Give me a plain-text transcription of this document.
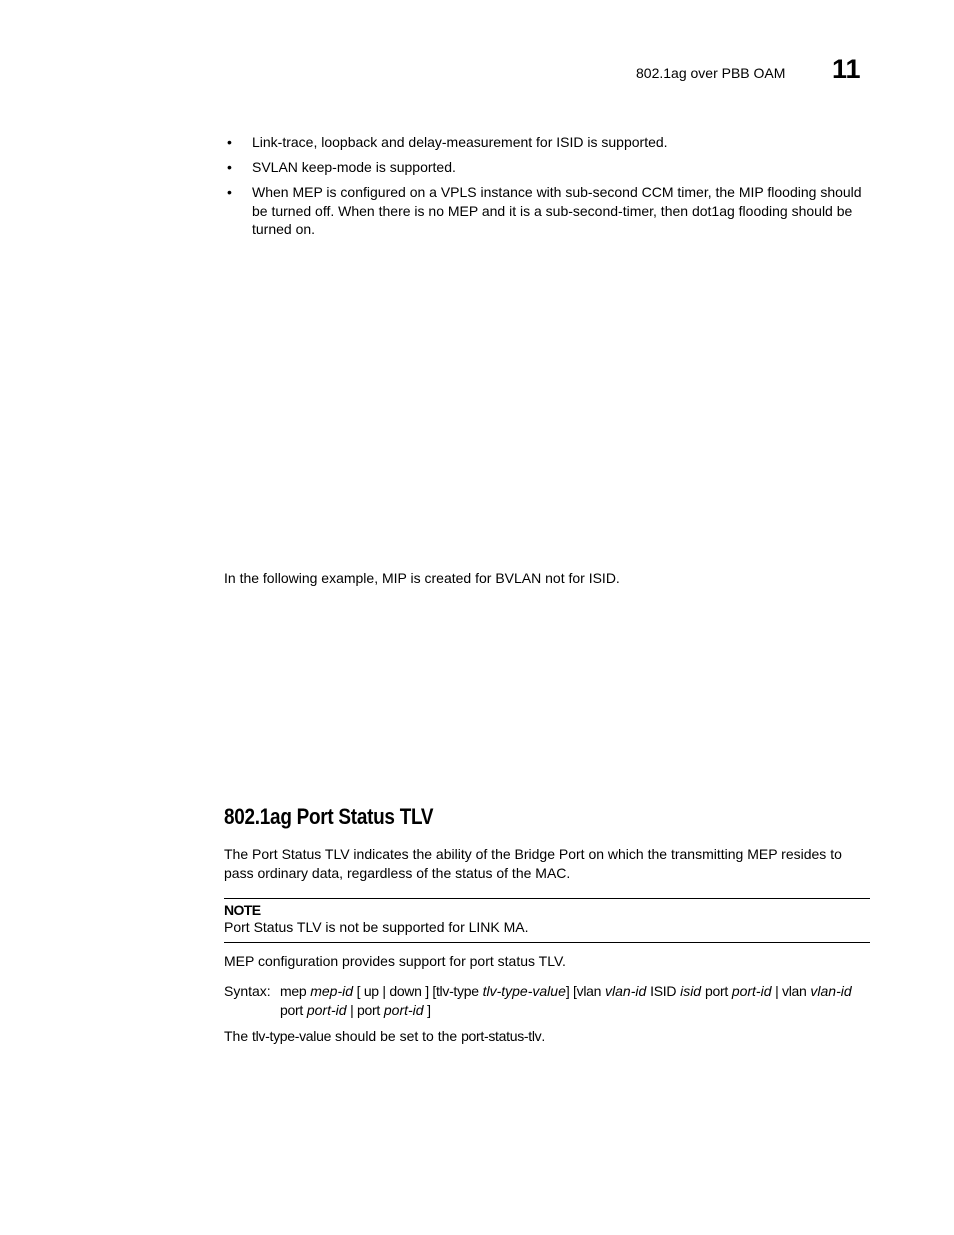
802.1ag over PBB OAM 11
• Link-trace, loopback and delay-measurement for ISID is supported.
• SVLAN keep-mode is supported.
• When MEP is configured on a VPLS instance with sub-second CCM timer, the MIP flooding should be turned off. When there is no MEP and it is a sub-second-timer, then dot1ag flooding should be turned on.
In the following example, MIP is created for BVLAN not for ISID.
802.1ag Port Status TLV
The Port Status TLV indicates the ability of the Bridge Port on which the transmitting MEP resides to pass ordinary data, regardless of the status of the MAC.
NOTE
Port Status TLV is not be supported for LINK MA.
MEP configuration provides support for port status TLV.
Syntax: mep mep-id [ up | down ] [tlv-type tlv-type-value] [vlan vlan-id ISID isid port port-id | vlan vlan-id port port-id | port port-id ]
The tlv-type-value should be set to the port-status-tlv.
